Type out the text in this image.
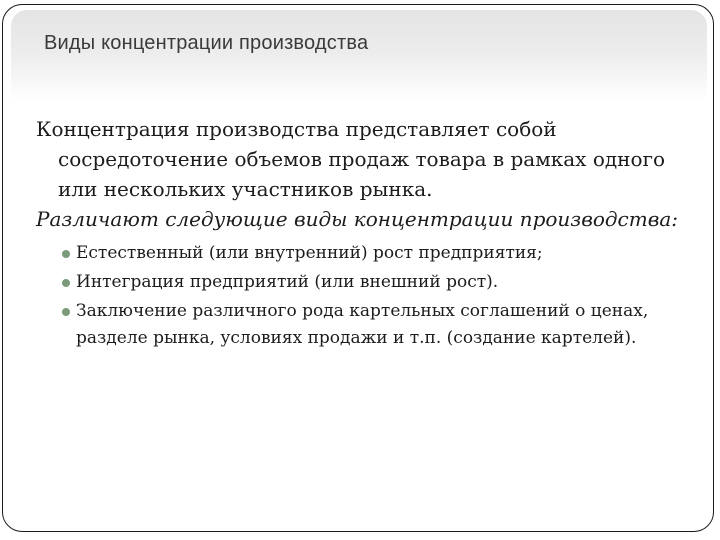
Виды концентрации производства

Концентрация производства представляет собой сосредоточение объемов продаж товара в рамках одного или нескольких участников рынка.

Различают следующие виды концентрации производства:

Естественный (или внутренний) рост предприятия;
Интеграция предприятий (или внешний рост).
Заключение различного рода картельных соглашений о ценах, разделе рынка, условиях продажи и т.п. (создание картелей).
